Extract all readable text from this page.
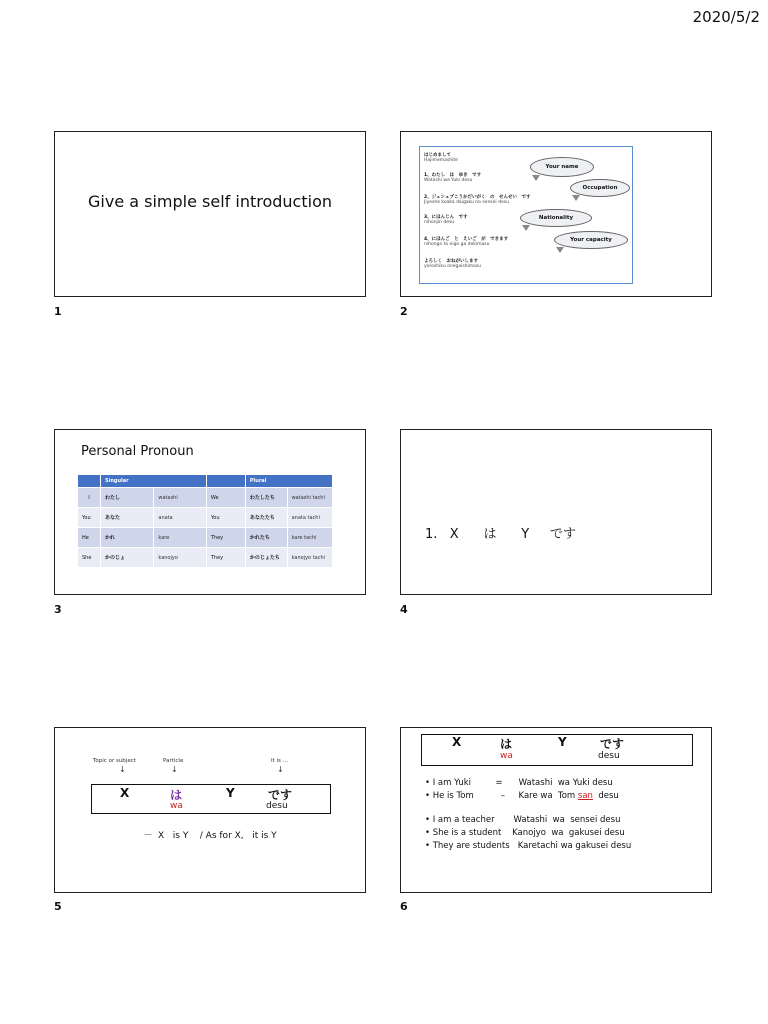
2020/5/2
Give a simple self introduction
1
はじめまして
Hajimemashite
1、わたし　は　ゆき　です
Watashi wa Yuki desu
2、ジェシュブこうかだいがく　の　せんせい　です
Jiyeshe koaka daigaku no sensei desu
3、にほんじん　です
nihonjin desu
4、にほんご　と　えいご　が　できます
nihongo to eigo ga dekimasu
よろしく　おねがいします
yoroshiku onegaishimasu
Your name
Occupation
Nationality
Your capacity
2
Personal Pronoun
	Singular			Plural	
I	わたし	watashi	We	わたしたち	watashi tachi
You	あなた	anata	You	あなたたち	anata tachi
He	かれ	kare	They	かれたち	kare tachi
She	かのじょ	kanojyo	They	かのじょたち	kanojyo tachi
3
1.   X      は      Y     です
4
Topic or subject
↓
Particle
↓
It is …
↓
X	は	Y	です
wa	desu
－  X   is Y    / As for X,   it is Y
5
X	は	Y	です
wa	desu
• I am Yuki         =      Watashi  wa Yuki desu
• He is Tom          –     Kare wa  Tom san  desu
• I am a teacher       Watashi  wa  sensei desu
• She is a student    Kanojyo  wa  gakusei desu
• They are students   Karetachi wa gakusei desu
6
